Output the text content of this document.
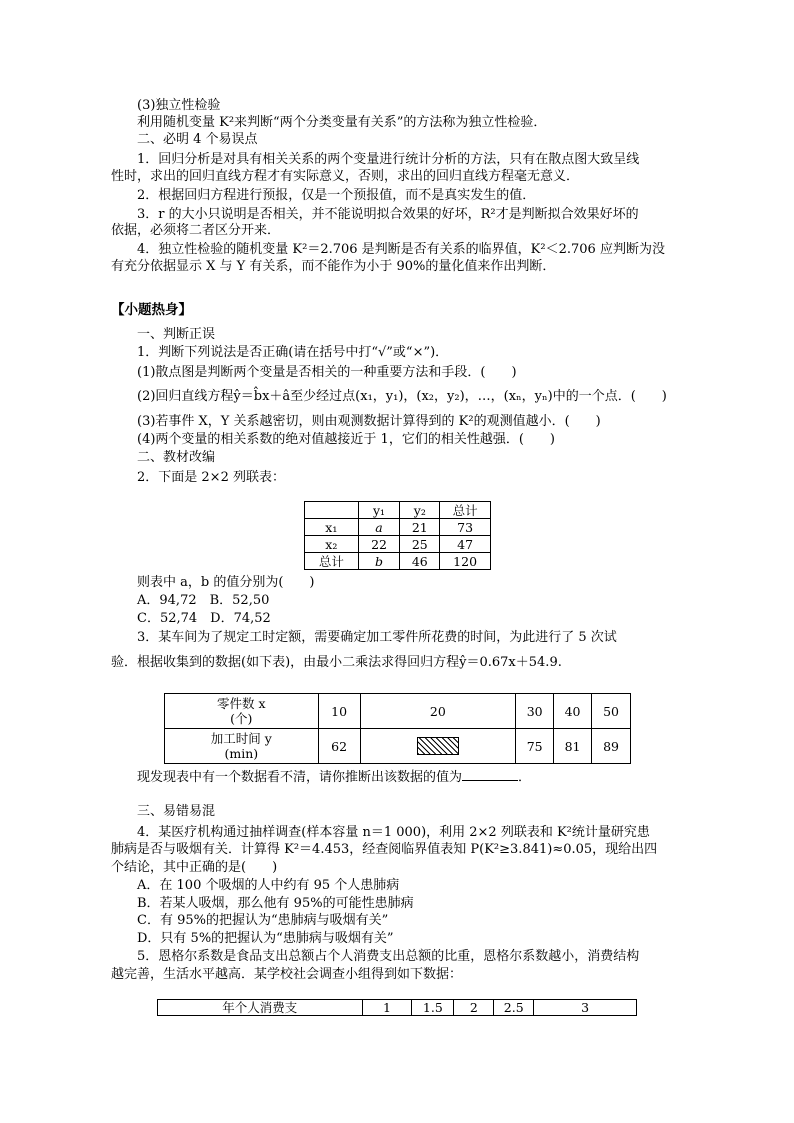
(3)独立性检验
利用随机变量 K²来判断“两个分类变量有关系”的方法称为独立性检验．
二、必明 4 个易误点
1．回归分析是对具有相关关系的两个变量进行统计分析的方法，只有在散点图大致呈线
性时，求出的回归直线方程才有实际意义，否则，求出的回归直线方程毫无意义．
2．根据回归方程进行预报，仅是一个预报值，而不是真实发生的值．
3．r 的大小只说明是否相关，并不能说明拟合效果的好坏，R²才是判断拟合效果好坏的
依据，必须将二者区分开来．
4．独立性检验的随机变量 K²＝2.706 是判断是否有关系的临界值，K²＜2.706 应判断为没
有充分依据显示 X 与 Y 有关系，而不能作为小于 90%的量化值来作出判断．
【小题热身】
一、判断正误
1．判断下列说法是否正确(请在括号中打“√”或“×”)．
(1)散点图是判断两个变量是否相关的一种重要方法和手段．(　　)
(2)回归直线方程ŷ＝b̂x＋â至少经过点(x₁，y₁)，(x₂，y₂)，…，(xₙ，yₙ)中的一个点．(　　)
(3)若事件 X，Y 关系越密切，则由观测数据计算得到的 K²的观测值越小．(　　)
(4)两个变量的相关系数的绝对值越接近于 1，它们的相关性越强．(　　)
二、教材改编
2．下面是 2×2 列联表：
	y₁	y₂	总计
x₁	a	21	73
x₂	22	25	47
总计	b	46	120
则表中 a，b 的值分别为(　　)
A．94,72　B．52,50
C．52,74　D．74,52
3．某车间为了规定工时定额，需要确定加工零件所花费的时间，为此进行了 5 次试
验．根据收集到的数据(如下表)，由最小二乘法求得回归方程ŷ＝0.67x＋54.9.
零件数 x
(个)	10	20	30	40	50

加工时间 y
(min)	62		75	81	89
现发现表中有一个数据看不清，请你推断出该数据的值为	．
三、易错易混
4．某医疗机构通过抽样调查(样本容量 n＝1 000)，利用 2×2 列联表和 K²统计量研究患
肺病是否与吸烟有关．计算得 K²＝4.453，经查阅临界值表知 P(K²≥3.841)≈0.05，现给出四
个结论，其中正确的是(　　)
A．在 100 个吸烟的人中约有 95 个人患肺病
B．若某人吸烟，那么他有 95%的可能性患肺病
C．有 95%的把握认为“患肺病与吸烟有关”
D．只有 5%的把握认为“患肺病与吸烟有关”
5．恩格尔系数是食品支出总额占个人消费支出总额的比重，恩格尔系数越小，消费结构
越完善，生活水平越高．某学校社会调查小组得到如下数据：
年个人消费支	1	1.5	2	2.5	3
